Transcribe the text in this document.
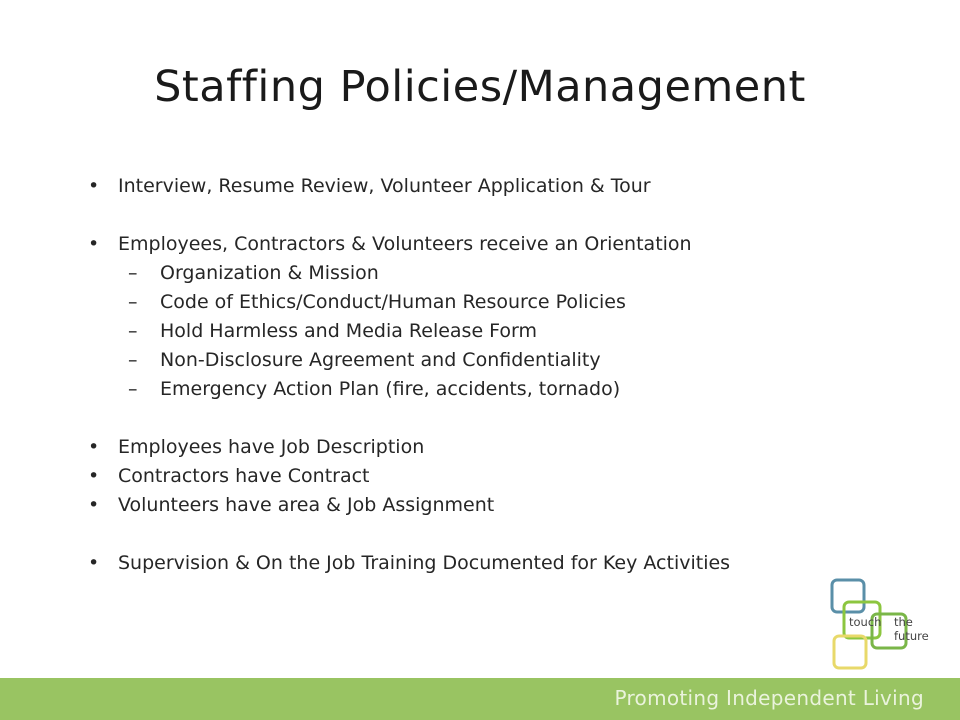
Staffing Policies/Management
• Interview, Resume Review, Volunteer Application & Tour
• Employees, Contractors & Volunteers receive an Orientation
– Organization & Mission
– Code of Ethics/Conduct/Human Resource Policies
– Hold Harmless and Media Release Form
– Non-Disclosure Agreement and Confidentiality
– Emergency Action Plan (fire, accidents, tornado)
• Employees have Job Description
• Contractors have Contract
• Volunteers have area & Job Assignment
• Supervision & On the Job Training Documented for Key Activities
touch the future
Promoting Independent Living
